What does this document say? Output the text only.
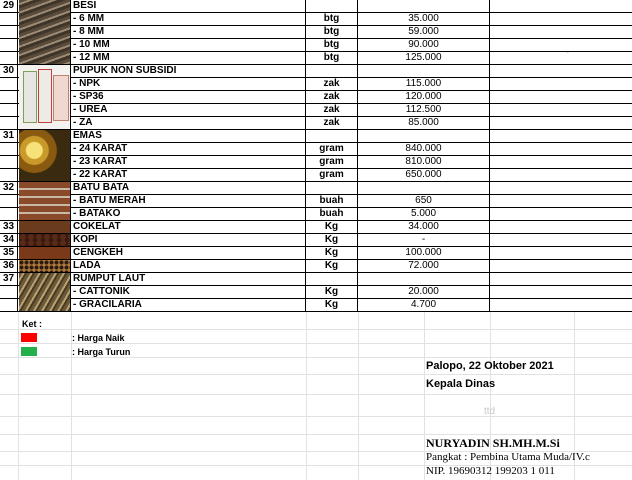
29	BESI
- 6 MM	btg	35.000
- 8 MM	btg	59.000
- 10 MM	btg	90.000
- 12 MM	btg	125.000
30	PUPUK NON SUBSIDI
- NPK	zak	115.000
- SP36	zak	120.000
- UREA	zak	112.500
- ZA	zak	85.000
31	EMAS
- 24 KARAT	gram	840.000
- 23 KARAT	gram	810.000
- 22 KARAT	gram	650.000
32	BATU BATA
- BATU MERAH	buah	650
- BATAKO	buah	5.000
33	COKELAT	Kg	34.000
34	KOPI	Kg	-
35	CENGKEH	Kg	100.000
36	LADA	Kg	72.000
37	RUMPUT LAUT
- CATTONIK	Kg	20.000
- GRACILARIA	Kg	4.700
`
Ket :
: Harga Naik
: Harga Turun
Palopo, 22 Oktober 2021
Kepala Dinas
ttd
NURYADIN SH.MH.M.Si
Pangkat : Pembina Utama Muda/IV.c
NIP. 19690312 199203 1 011
